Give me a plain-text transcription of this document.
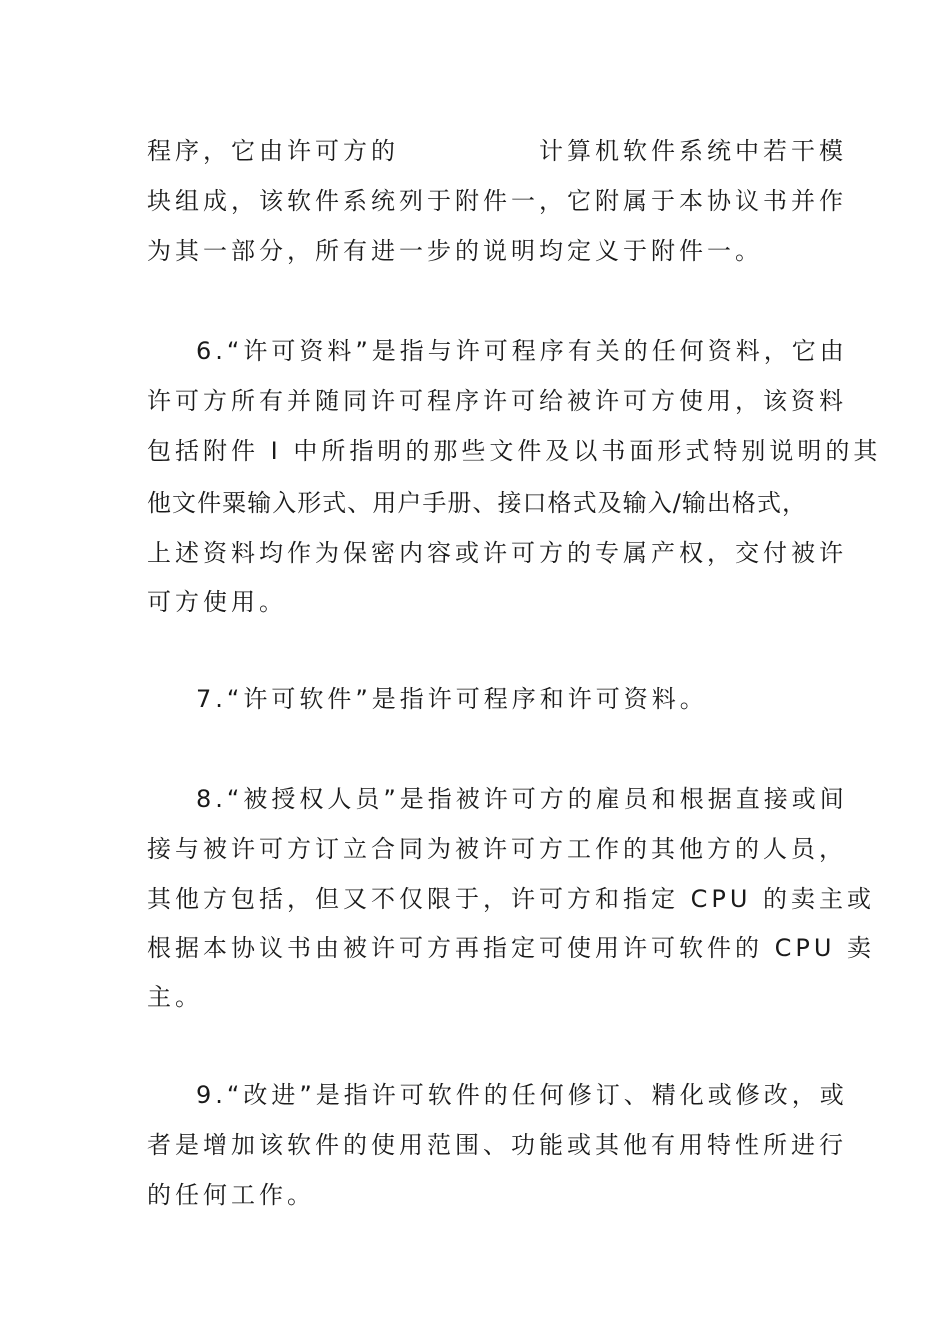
程序，它由许可方的	计算机软件系统中若干模
块组成，该软件系统列于附件一，它附属于本协议书并作
为其一部分，所有进一步的说明均定义于附件一。
6.“许可资料”是指与许可程序有关的任何资料，它由
许可方所有并随同许可程序许可给被许可方使用，该资料
包括附件 I 中所指明的那些文件及以书面形式特别说明的其
他文件粟输入形式、用户手册、接口格式及输入/输出格式，
上述资料均作为保密内容或许可方的专属产权，交付被许
可方使用。
7.“许可软件”是指许可程序和许可资料。
8.“被授权人员”是指被许可方的雇员和根据直接或间
接与被许可方订立合同为被许可方工作的其他方的人员，
其他方包括，但又不仅限于，许可方和指定 CPU 的卖主或
根据本协议书由被许可方再指定可使用许可软件的 CPU 卖
主。
9.“改进”是指许可软件的任何修订、精化或修改，或
者是增加该软件的使用范围、功能或其他有用特性所进行
的任何工作。
